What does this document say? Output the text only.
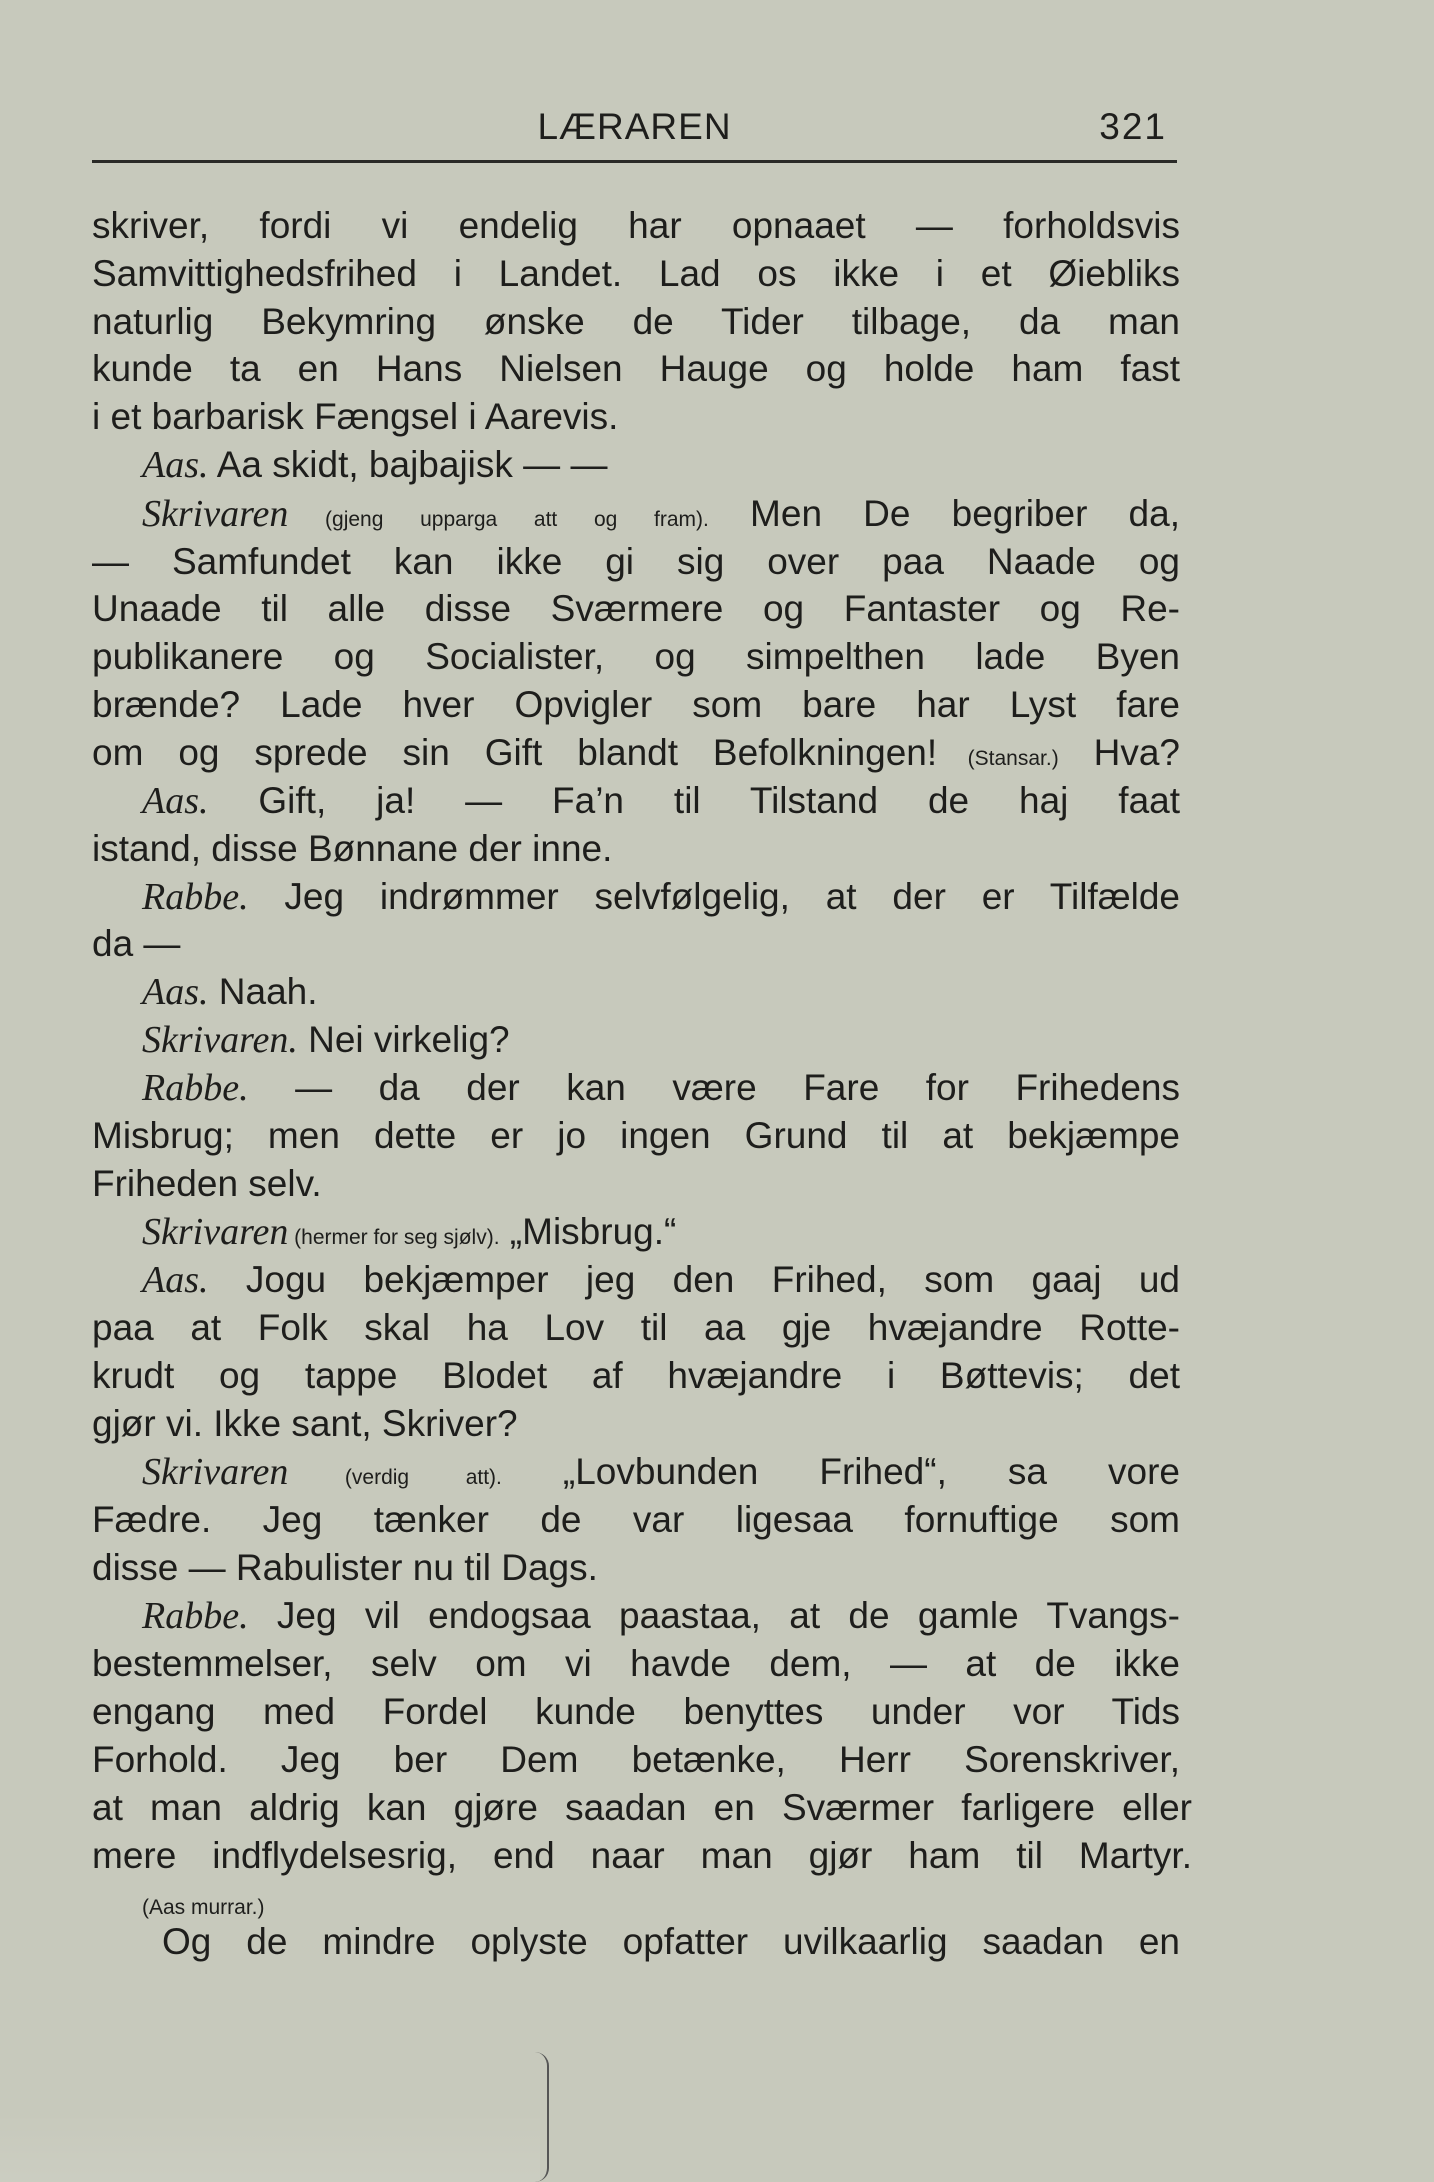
LÆRAREN	321
skriver, fordi vi endelig har opnaaet — forholdsvis
Samvittighedsfrihed i Landet. Lad os ikke i et Øiebliks
naturlig Bekymring ønske de Tider tilbage, da man
kunde ta en Hans Nielsen Hauge og holde ham fast
i et barbarisk Fængsel i Aarevis.
Aas. Aa skidt, bajbajisk — —
Skrivaren (gjeng upparga att og fram). Men De begriber da,
— Samfundet kan ikke gi sig over paa Naade og
Unaade til alle disse Sværmere og Fantaster og Re-
publikanere og Socialister, og simpelthen lade Byen
brænde? Lade hver Opvigler som bare har Lyst fare
om og sprede sin Gift blandt Befolkningen! (Stansar.) Hva?
Aas. Gift, ja! — Fa’n til Tilstand de haj faat
istand, disse Bønnane der inne.
Rabbe. Jeg indrømmer selvfølgelig, at der er Tilfælde
da —
Aas. Naah.
Skrivaren. Nei virkelig?
Rabbe. — da der kan være Fare for Frihedens
Misbrug; men dette er jo ingen Grund til at bekjæmpe
Friheden selv.
Skrivaren (hermer for seg sjølv). „Misbrug.“
Aas. Jogu bekjæmper jeg den Frihed, som gaaj ud
paa at Folk skal ha Lov til aa gje hvæjandre Rotte-
krudt og tappe Blodet af hvæjandre i Bøttevis; det
gjør vi. Ikke sant, Skriver?
Skrivaren (verdig att). „Lovbunden Frihed“, sa vore
Fædre. Jeg tænker de var ligesaa fornuftige som
disse — Rabulister nu til Dags.
Rabbe. Jeg vil endogsaa paastaa, at de gamle Tvangs-
bestemmelser, selv om vi havde dem, — at de ikke
engang med Fordel kunde benyttes under vor Tids
Forhold. Jeg ber Dem betænke, Herr Sorenskriver,
at man aldrig kan gjøre saadan en Sværmer farligere eller
mere indflydelsesrig, end naar man gjør ham til Martyr.
(Aas murrar.)
Og de mindre oplyste opfatter uvilkaarlig saadan en
